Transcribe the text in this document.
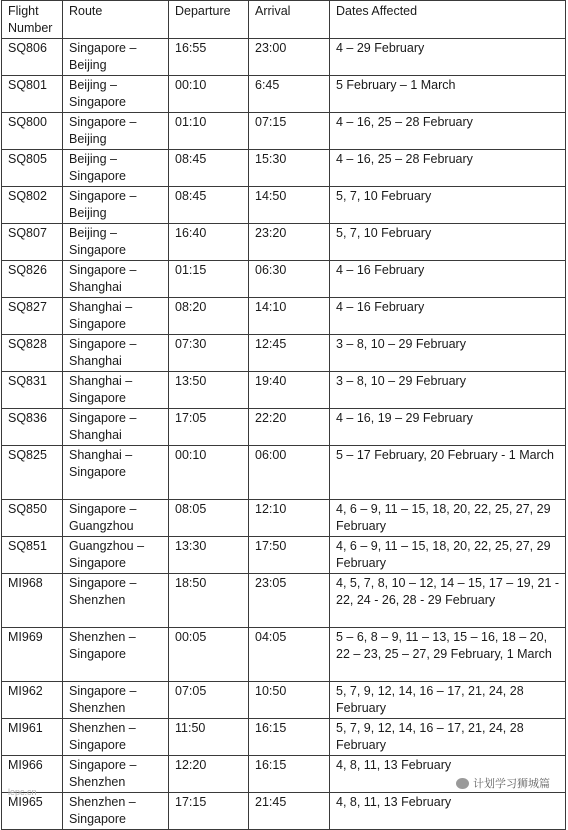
Flight Number	Route	Departure	Arrival	Dates Affected
SQ806	Singapore – Beijing	16:55	23:00	4 – 29 February
SQ801	Beijing – Singapore	00:10	6:45	5 February – 1 March
SQ800	Singapore – Beijing	01:10	07:15	4 – 16, 25 – 28 February
SQ805	Beijing – Singapore	08:45	15:30	4 – 16, 25 – 28 February
SQ802	Singapore – Beijing	08:45	14:50	5, 7, 10 February
SQ807	Beijing – Singapore	16:40	23:20	5, 7, 10 February
SQ826	Singapore – Shanghai	01:15	06:30	4 – 16 February
SQ827	Shanghai – Singapore	08:20	14:10	4 – 16 February
SQ828	Singapore – Shanghai	07:30	12:45	3 – 8, 10 – 29 February
SQ831	Shanghai – Singapore	13:50	19:40	3 – 8, 10 – 29 February
SQ836	Singapore – Shanghai	17:05	22:20	4 – 16, 19 – 29 February
SQ825	Shanghai – Singapore	00:10	06:00	5 – 17 February, 20 February - 1 March
SQ850	Singapore – Guangzhou	08:05	12:10	4, 6 – 9, 11 – 15, 18, 20, 22, 25, 27, 29 February
SQ851	Guangzhou – Singapore	13:30	17:50	4, 6 – 9, 11 – 15, 18, 20, 22, 25, 27, 29 February
MI968	Singapore – Shenzhen	18:50	23:05	4, 5, 7, 8, 10 – 12, 14 – 15, 17 – 19, 21 - 22, 24 - 26, 28 - 29 February
MI969	Shenzhen – Singapore	00:05	04:05	5 – 6, 8 – 9, 11 – 13, 15 – 16, 18 – 20, 22 – 23, 25 – 27, 29 February, 1 March
MI962	Singapore – Shenzhen	07:05	10:50	5, 7, 9, 12, 14, 16 – 17, 21, 24, 28 February
MI961	Shenzhen – Singapore	11:50	16:15	5, 7, 9, 12, 14, 16 – 17, 21, 24, 28 February
MI966	Singapore – Shenzhen	12:20	16:15	4, 8, 11, 13 February
MI965	Shenzhen – Singapore	17:15	21:45	4, 8, 11, 13 February
计划学习狮城篇
lepc.cn
